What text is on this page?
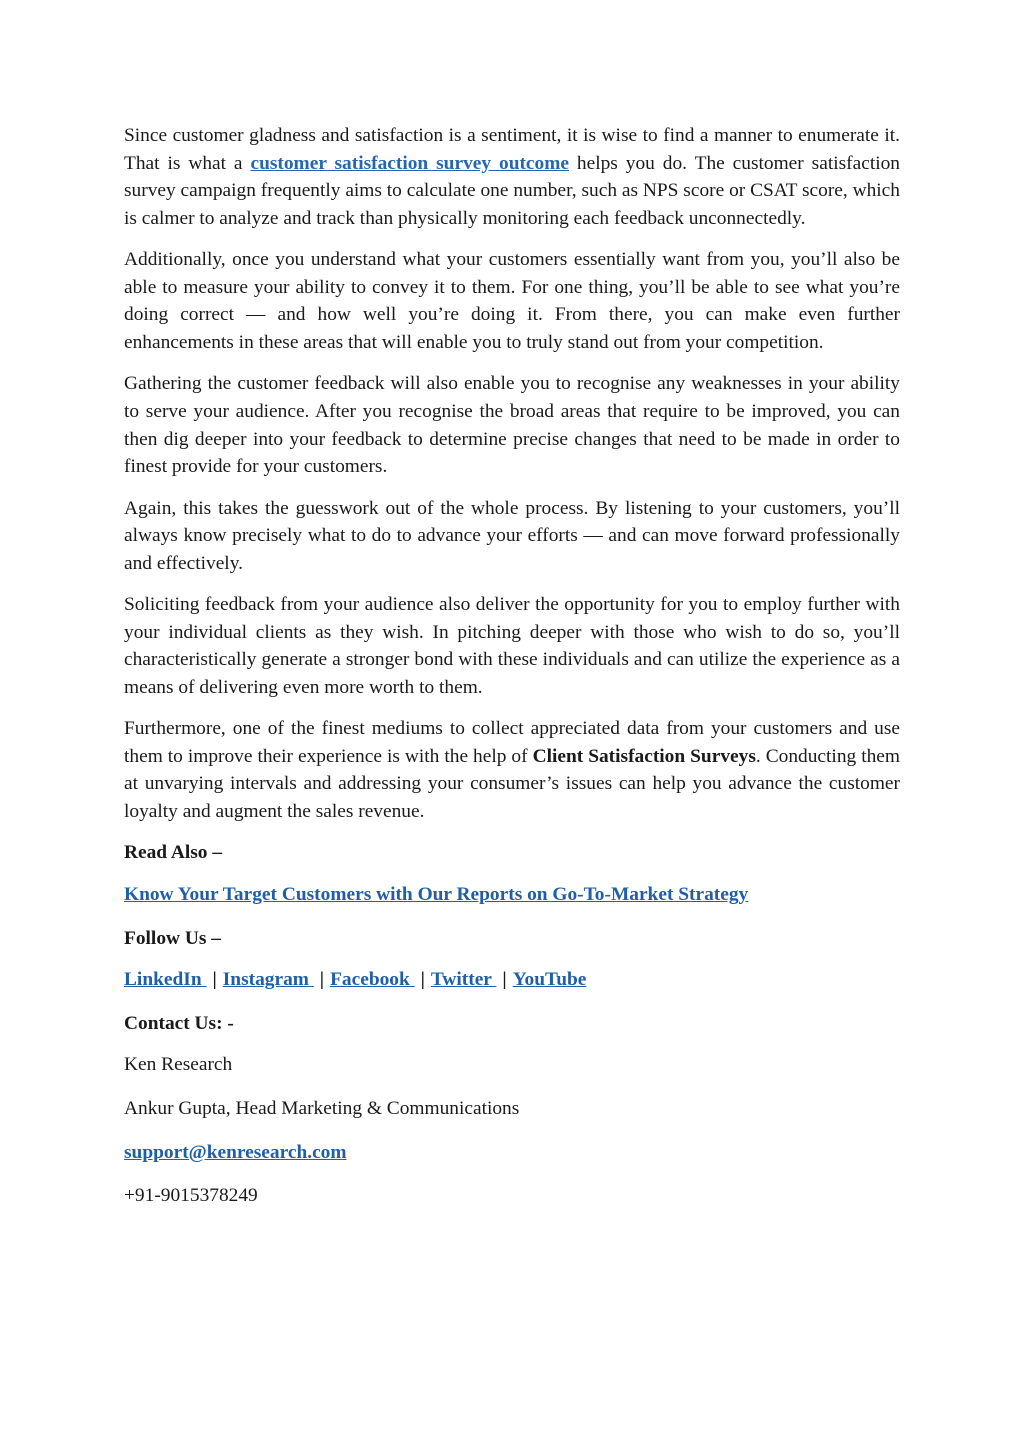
Since customer gladness and satisfaction is a sentiment, it is wise to find a manner to enumerate it. That is what a customer satisfaction survey outcome helps you do. The customer satisfaction survey campaign frequently aims to calculate one number, such as NPS score or CSAT score, which is calmer to analyze and track than physically monitoring each feedback unconnectedly.

Additionally, once you understand what your customers essentially want from you, you’ll also be able to measure your ability to convey it to them. For one thing, you’ll be able to see what you’re doing correct — and how well you’re doing it. From there, you can make even further enhancements in these areas that will enable you to truly stand out from your competition.

Gathering the customer feedback will also enable you to recognise any weaknesses in your ability to serve your audience. After you recognise the broad areas that require to be improved, you can then dig deeper into your feedback to determine precise changes that need to be made in order to finest provide for your customers.

Again, this takes the guesswork out of the whole process. By listening to your customers, you’ll always know precisely what to do to advance your efforts — and can move forward professionally and effectively.

Soliciting feedback from your audience also deliver the opportunity for you to employ further with your individual clients as they wish. In pitching deeper with those who wish to do so, you’ll characteristically generate a stronger bond with these individuals and can utilize the experience as a means of delivering even more worth to them.

Furthermore, one of the finest mediums to collect appreciated data from your customers and use them to improve their experience is with the help of Client Satisfaction Surveys. Conducting them at unvarying intervals and addressing your consumer’s issues can help you advance the customer loyalty and augment the sales revenue.

Read Also –

Know Your Target Customers with Our Reports on Go-To-Market Strategy

Follow Us –

LinkedIn | Instagram | Facebook | Twitter | YouTube

Contact Us: -

Ken Research

Ankur Gupta, Head Marketing & Communications

support@kenresearch.com

+91-9015378249
